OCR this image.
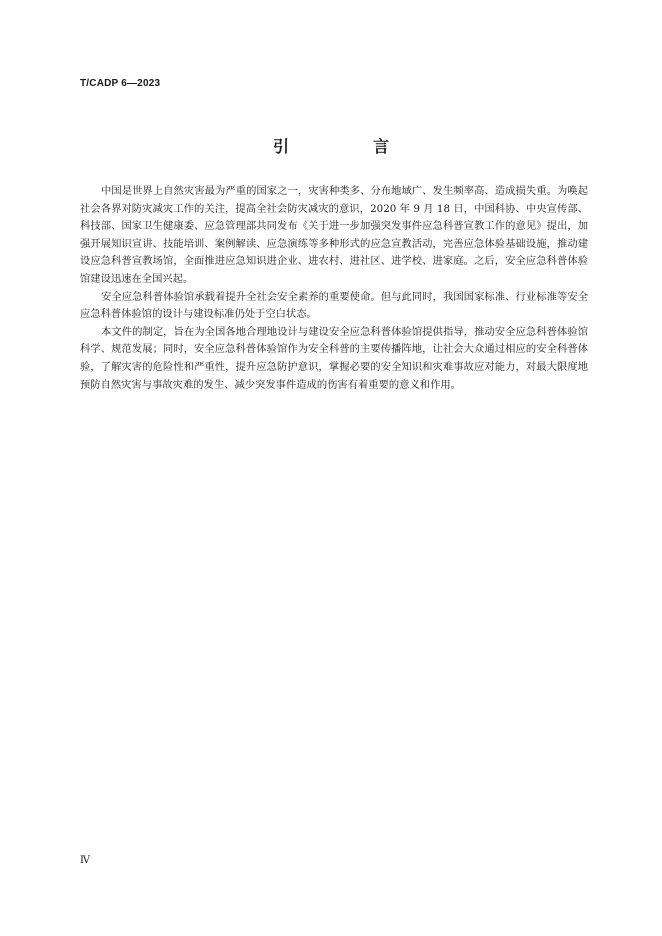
T/CADP 6—2023
引　言

中国是世界上自然灾害最为严重的国家之一，灾害种类多、分布地域广、发生频率高、造成损失重。为唤起社会各界对防灾减灾工作的关注，提高全社会防灾减灾的意识，2020 年 9 月 18 日，中国科协、中央宣传部、科技部、国家卫生健康委、应急管理部共同发布《关于进一步加强突发事件应急科普宣教工作的意见》提出，加强开展知识宣讲、技能培训、案例解读、应急演练等多种形式的应急宣教活动，完善应急体验基础设施，推动建设应急科普宣教场馆，全面推进应急知识进企业、进农村、进社区、进学校、进家庭。之后，安全应急科普体验馆建设迅速在全国兴起。

安全应急科普体验馆承载着提升全社会安全素养的重要使命。但与此同时，我国国家标准、行业标准等安全应急科普体验馆的设计与建设标准仍处于空白状态。

本文件的制定，旨在为全国各地合理地设计与建设安全应急科普体验馆提供指导，推动安全应急科普体验馆科学、规范发展；同时，安全应急科普体验馆作为安全科普的主要传播阵地，让社会大众通过相应的安全科普体验，了解灾害的危险性和严重性，提升应急防护意识，掌握必要的安全知识和灾难事故应对能力，对最大限度地预防自然灾害与事故灾难的发生、减少突发事件造成的伤害有着重要的意义和作用。

Ⅳ
